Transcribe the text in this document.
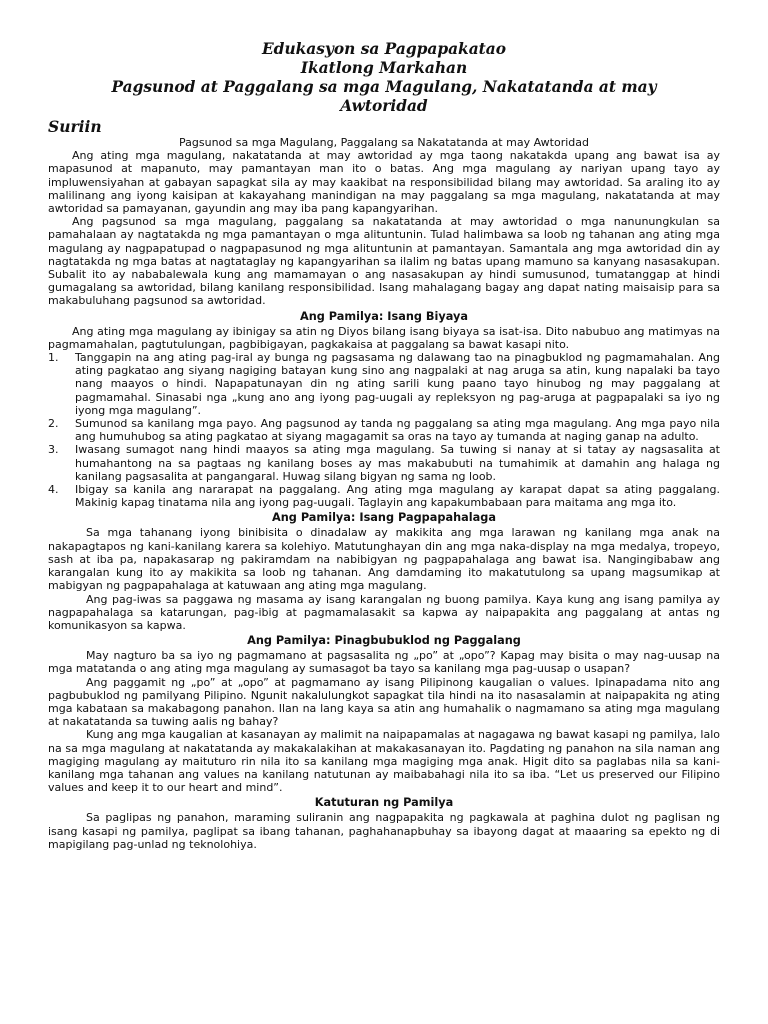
Edukasyon sa Pagpapakatao

Ikatlong Markahan

Pagsunod at Paggalang sa mga Magulang, Nakatatanda at may

Awtoridad

Suriin

Pagsunod sa mga Magulang, Paggalang sa Nakatatanda at may Awtoridad

Ang ating mga magulang, nakatatanda at may awtoridad ay mga taong nakatakda upang ang bawat isa ay mapasunod at mapanuto, may pamantayan man ito o batas. Ang mga magulang ay nariyan upang tayo ay impluwensiyahan at gabayan sapagkat sila ay may kaakibat na responsibilidad bilang may awtoridad. Sa araling ito ay malilinang ang iyong kaisipan at kakayahang manindigan na may paggalang sa mga magulang, nakatatanda at may awtoridad sa pamayanan, gayundin ang may iba pang kapangyarihan.

Ang pagsunod sa mga magulang, paggalang sa nakatatanda at may awtoridad o mga nanunungkulan sa pamahalaan ay nagtatakda ng mga pamantayan o mga alituntunin. Tulad halimbawa sa loob ng tahanan ang ating mga magulang ay nagpapatupad o nagpapasunod ng mga alituntunin at pamantayan. Samantala ang mga awtoridad din ay nagtatakda ng mga batas at nagtataglay ng kapangyarihan sa ilalim ng batas upang mamuno sa kanyang nasasakupan. Subalit ito ay nababalewala kung ang mamamayan o ang nasasakupan ay hindi sumusunod, tumatanggap at hindi gumagalang sa awtoridad, bilang kanilang responsibilidad. Isang mahalagang bagay ang dapat nating maisaisip para sa makabuluhang pagsunod sa awtoridad.

Ang Pamilya: Isang Biyaya

Ang ating mga magulang ay ibinigay sa atin ng Diyos bilang isang biyaya sa isat-isa. Dito nabubuo ang matimyas na pagmamahalan, pagtutulungan, pagbibigayan, pagkakaisa at paggalang sa bawat kasapi nito.

1. Tanggapin na ang ating pag-iral ay bunga ng pagsasama ng dalawang tao na pinagbuklod ng pagmamahalan. Ang ating pagkatao ang siyang nagiging batayan kung sino ang nagpalaki at nag aruga sa atin, kung napalaki ba tayo nang maayos o hindi. Napapatunayan din ng ating sarili kung paano tayo hinubog ng may paggalang at pagmamahal. Sinasabi nga „kung ano ang iyong pag-uugali ay repleksyon ng pag-aruga at pagpapalaki sa iyo ng iyong mga magulang”.
2. Sumunod sa kanilang mga payo. Ang pagsunod ay tanda ng paggalang sa ating mga magulang. Ang mga payo nila ang humuhubog sa ating pagkatao at siyang magagamit sa oras na tayo ay tumanda at naging ganap na adulto.
3. Iwasang sumagot nang hindi maayos sa ating mga magulang. Sa tuwing si nanay at si tatay ay nagsasalita at humahantong na sa pagtaas ng kanilang boses ay mas makabubuti na tumahimik at damahin ang halaga ng kanilang pagsasalita at pangangaral. Huwag silang bigyan ng sama ng loob.
4. Ibigay sa kanila ang nararapat na paggalang. Ang ating mga magulang ay karapat dapat sa ating paggalang. Makinig kapag tinatama nila ang iyong pag-uugali. Taglayin ang kapakumbabaan para maitama ang mga ito.
Ang Pamilya: Isang Pagpapahalaga

Sa mga tahanang iyong binibisita o dinadalaw ay makikita ang mga larawan ng kanilang mga anak na nakapagtapos ng kani-kanilang karera sa kolehiyo. Matutunghayan din ang mga naka-display na mga medalya, tropeyo, sash at iba pa, napakasarap ng pakiramdam na nabibigyan ng pagpapahalaga ang bawat isa. Nangingibabaw ang karangalan kung ito ay makikita sa loob ng tahanan. Ang damdaming ito makatutulong sa upang magsumikap at mabigyan ng pagpapahalaga at katuwaan ang ating mga magulang.

Ang pag-iwas sa paggawa ng masama ay isang karangalan ng buong pamilya. Kaya kung ang isang pamilya ay nagpapahalaga sa katarungan, pag-ibig at pagmamalasakit sa kapwa ay naipapakita ang paggalang at antas ng komunikasyon sa kapwa.

Ang Pamilya: Pinagbubuklod ng Paggalang

May nagturo ba sa iyo ng pagmamano at pagsasalita ng „po” at „opo”? Kapag may bisita o may nag-uusap na mga matatanda o ang ating mga magulang ay sumasagot ba tayo sa kanilang mga pag-uusap o usapan?

Ang paggamit ng „po” at „opo” at pagmamano ay isang Pilipinong kaugalian o values. Ipinapadama nito ang pagbubuklod ng pamilyang Pilipino. Ngunit nakalulungkot sapagkat tila hindi na ito nasasalamin at naipapakita ng ating mga kabataan sa makabagong panahon. Ilan na lang kaya sa atin ang humahalik o nagmamano sa ating mga magulang at nakatatanda sa tuwing aalis ng bahay?

Kung ang mga kaugalian at kasanayan ay malimit na naipapamalas at nagagawa ng bawat kasapi ng pamilya, lalo na sa mga magulang at nakatatanda ay makakalakihan at makakasanayan ito. Pagdating ng panahon na sila naman ang magiging magulang ay maituturo rin nila ito sa kanilang mga magiging mga anak. Higit dito sa paglabas nila sa kani-kanilang mga tahanan ang values na kanilang natutunan ay maibabahagi nila ito sa iba. “Let us preserved our Filipino values and keep it to our heart and mind”.

Katuturan ng Pamilya

Sa paglipas ng panahon, maraming suliranin ang nagpapakita ng pagkawala at paghina dulot ng paglisan ng isang kasapi ng pamilya, paglipat sa ibang tahanan, paghahanapbuhay sa ibayong dagat at maaaring sa epekto ng di mapigilang pag-unlad ng teknolohiya.
